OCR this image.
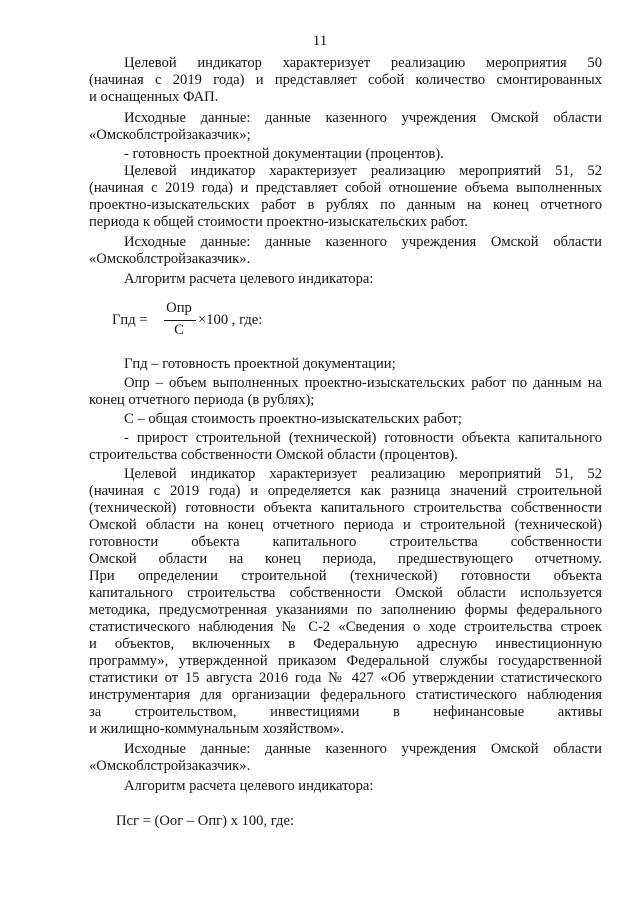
11
Целевой индикатор характеризует реализацию мероприятия 50
(начиная с 2019 года) и представляет собой количество смонтированных
и оснащенных ФАП.
Исходные данные: данные казенного учреждения Омской области
«Омскоблстройзаказчик»;
- готовность проектной документации (процентов).
Целевой индикатор характеризует реализацию мероприятий 51, 52
(начиная с 2019 года) и представляет собой отношение объема выполненных
проектно-изыскательских работ в рублях по данным на конец отчетного
периода к общей стоимости проектно-изыскательских работ.
Исходные данные: данные казенного учреждения Омской области
«Омскоблстройзаказчик».
Алгоритм расчета целевого индикатора:
Гпд =
Опр
С
×100 , где:
Гпд – готовность проектной документации;
Опр – объем выполненных проектно-изыскательских работ по данным на
конец отчетного периода (в рублях);
С – общая стоимость проектно-изыскательских работ;
- прирост строительной (технической) готовности объекта капитального
строительства собственности Омской области (процентов).
Целевой индикатор характеризует реализацию мероприятий 51, 52
(начиная с 2019 года) и определяется как разница значений строительной
(технической) готовности объекта капитального строительства собственности
Омской области на конец отчетного периода и строительной (технической)
готовности объекта капитального строительства собственности
Омской области на конец периода, предшествующего отчетному.
При определении строительной (технической) готовности объекта
капитального строительства собственности Омской области используется
методика, предусмотренная указаниями по заполнению формы федерального
статистического наблюдения № С-2 «Сведения о ходе строительства строек
и объектов, включенных в Федеральную адресную инвестиционную
программу», утвержденной приказом Федеральной службы государственной
статистики от 15 августа 2016 года № 427 «Об утверждении статистического
инструментария для организации федерального статистического наблюдения
за строительством, инвестициями в нефинансовые активы
и жилищно-коммунальным хозяйством».
Исходные данные: данные казенного учреждения Омской области
«Омскоблстройзаказчик».
Алгоритм расчета целевого индикатора:
Псг = (Оог – Опг) х 100, где:
